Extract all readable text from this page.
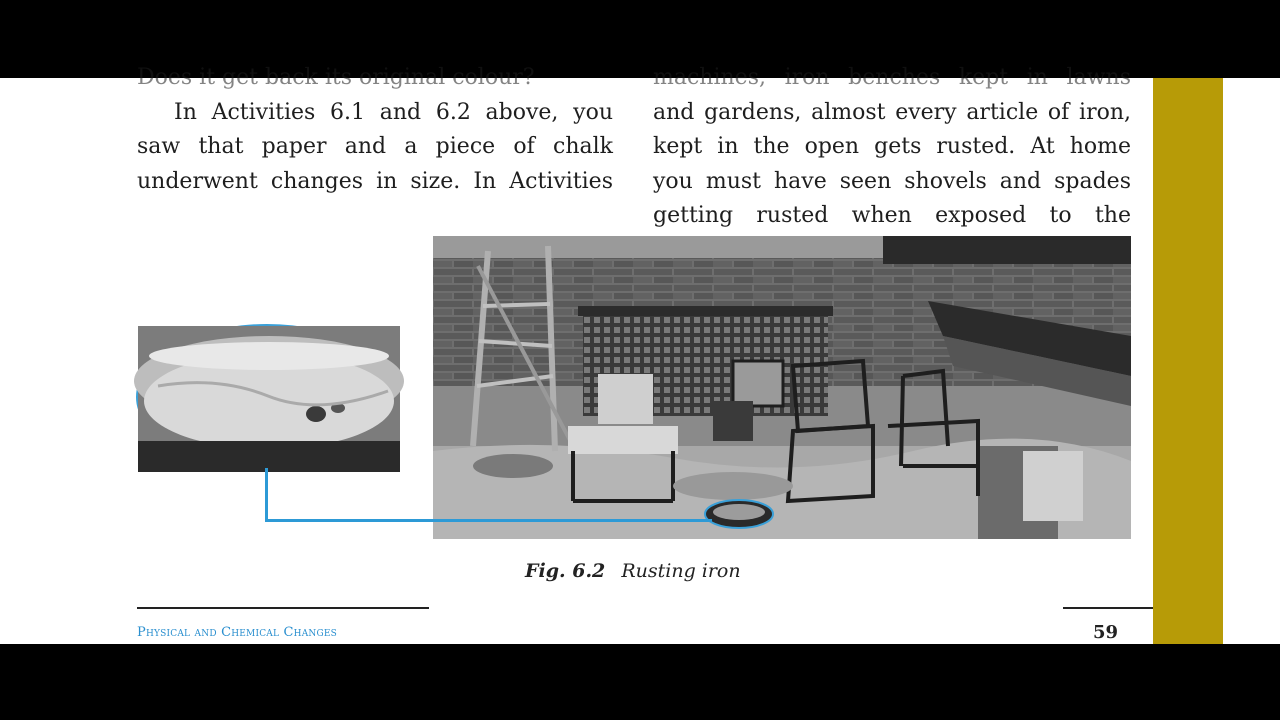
Does it get back its original colour?
In Activities 6.1 and 6.2 above, you
saw that paper and a piece of chalk
underwent changes in size. In Activities
machines, iron benches kept in lawns
and gardens, almost every article of iron,
kept in the open gets rusted. At home
you must have seen shovels and spades
getting rusted when exposed to the
Fig. 6.2 Rusting iron
Physical and Chemical Changes	59
